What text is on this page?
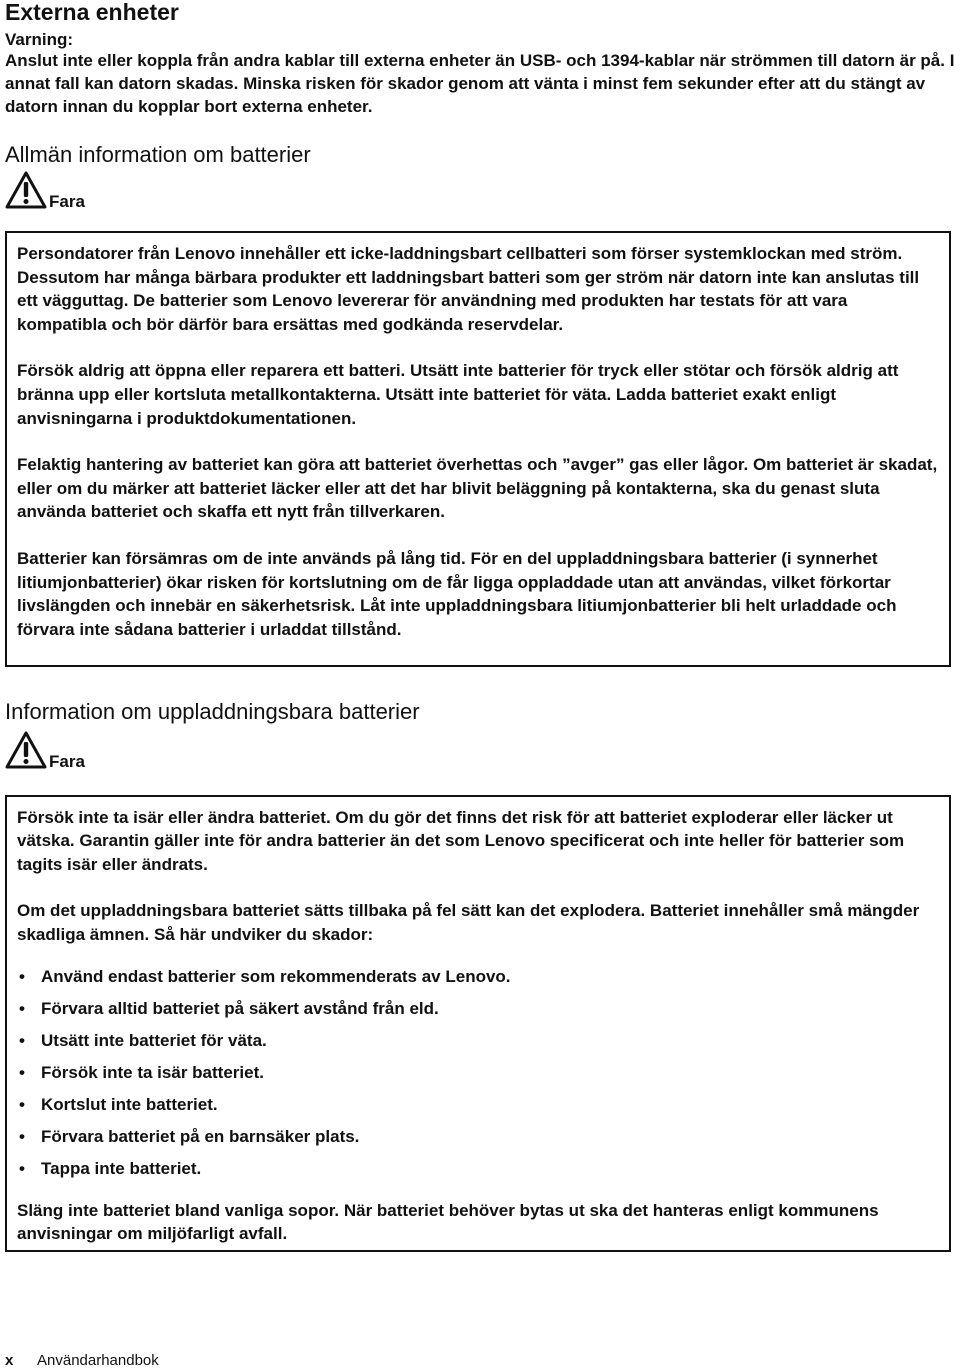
Externa enheter

Varning:

Anslut inte eller koppla från andra kablar till externa enheter än USB- och 1394-kablar när strömmen till datorn är på. I annat fall kan datorn skadas. Minska risken för skador genom att vänta i minst fem sekunder efter att du stängt av datorn innan du kopplar bort externa enheter.

Allmän information om batterier
Fara

Persondatorer från Lenovo innehåller ett icke-laddningsbart cellbatteri som förser systemklockan med ström. Dessutom har många bärbara produkter ett laddningsbart batteri som ger ström när datorn inte kan anslutas till ett vägguttag. De batterier som Lenovo levererar för användning med produkten har testats för att vara kompatibla och bör därför bara ersättas med godkända reservdelar.

Försök aldrig att öppna eller reparera ett batteri. Utsätt inte batterier för tryck eller stötar och försök aldrig att bränna upp eller kortsluta metallkontakterna. Utsätt inte batteriet för väta. Ladda batteriet exakt enligt anvisningarna i produktdokumentationen.

Felaktig hantering av batteriet kan göra att batteriet överhettas och ”avger” gas eller lågor. Om batteriet är skadat, eller om du märker att batteriet läcker eller att det har blivit beläggning på kontakterna, ska du genast sluta använda batteriet och skaffa ett nytt från tillverkaren.

Batterier kan försämras om de inte används på lång tid. För en del uppladdningsbara batterier (i synnerhet litiumjonbatterier) ökar risken för kortslutning om de får ligga oppladdade utan att användas, vilket förkortar livslängden och innebär en säkerhetsrisk. Låt inte uppladdningsbara litiumjonbatterier bli helt urladdade och förvara inte sådana batterier i urladdat tillstånd.

Information om uppladdningsbara batterier
Fara

Försök inte ta isär eller ändra batteriet. Om du gör det finns det risk för att batteriet exploderar eller läcker ut vätska. Garantin gäller inte för andra batterier än det som Lenovo specificerat och inte heller för batterier som tagits isär eller ändrats.

Om det uppladdningsbara batteriet sätts tillbaka på fel sätt kan det explodera. Batteriet innehåller små mängder skadliga ämnen. Så här undviker du skador:

• Använd endast batterier som rekommenderats av Lenovo.
• Förvara alltid batteriet på säkert avstånd från eld.
• Utsätt inte batteriet för väta.
• Försök inte ta isär batteriet.
• Kortslut inte batteriet.
• Förvara batteriet på en barnsäker plats.
• Tappa inte batteriet.

Släng inte batteriet bland vanliga sopor. När batteriet behöver bytas ut ska det hanteras enligt kommunens anvisningar om miljöfarligt avfall.

x Användarhandbok
